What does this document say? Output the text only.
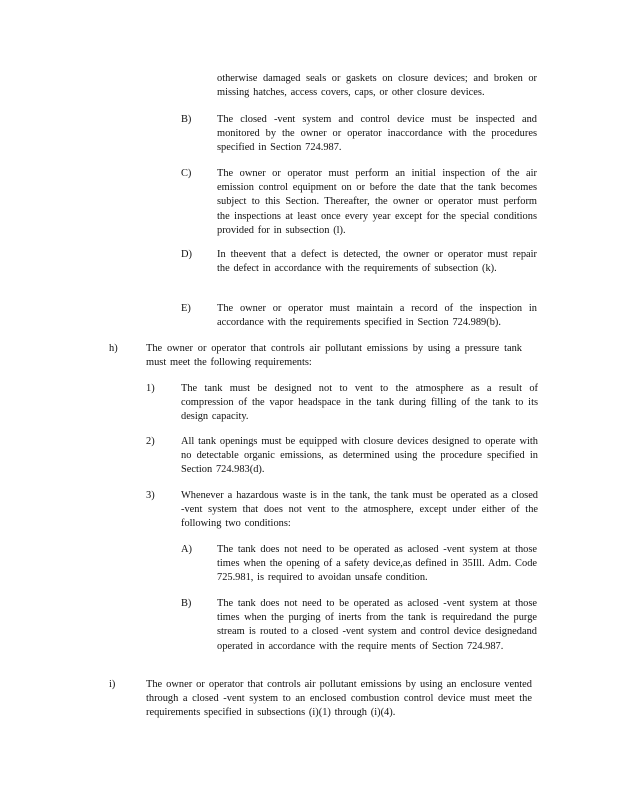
otherwise damaged seals or gaskets on closure devices; and broken or missing hatches, access covers, caps, or other closure devices.

B) The closed -vent system and control device must be inspected and monitored by the owner or operator inaccordance with the procedures specified in Section 724.987.

C) The owner or operator must perform an initial inspection of the air emission control equipment on or before the date that the tank becomes subject to this Section. Thereafter, the owner or operator must perform the inspections at least once every year except for the special conditions provided for in subsection (l).

D) In theevent that a defect is detected, the owner or operator must repair the defect in accordance with the requirements of subsection (k).

E)	The owner or operator must maintain a record of the inspection in accordance with the requirements specified in Section 724.989(b).

h)	The owner or operator that controls air pollutant emissions by using a pressure tank must meet the following requirements:

1)	The tank must be designed not to vent to the atmosphere as a result of compression of the vapor headspace in the tank during filling of the tank to its design capacity.

2)	All tank openings must be equipped with closure devices designed to operate with no detectable organic emissions, as determined using the procedure specified in Section 724.983(d).

3)	Whenever a hazardous waste is in the tank, the tank must be operated as a closed -vent system that does not vent to the atmosphere, except under either of the following two conditions:

A) The tank does not need to be operated as aclosed -vent system at those times when the opening of a safety device,as defined in 35Ill. Adm. Code 725.981, is required to avoidan unsafe condition.

B) The tank does not need to be operated as aclosed -vent system at those times when the purging of inerts from the tank is requiredand the purge stream is routed to a closed -vent system and control device designedand operated in accordance with the require ments of Section 724.987.

i)	The owner or operator that controls air pollutant emissions by using an enclosure vented through a closed -vent system to an enclosed combustion control device must meet the requirements specified in subsections (i)(1) through (i)(4).
